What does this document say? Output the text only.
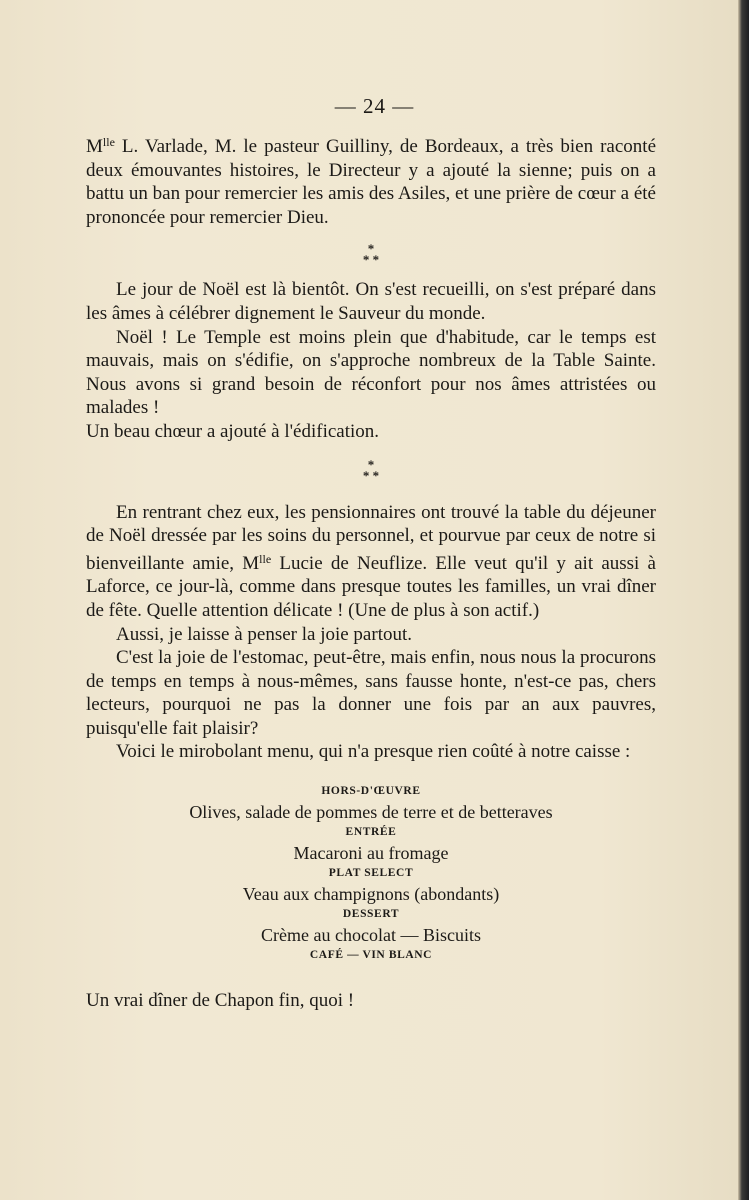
— 24 —

$M^{lle}$ L. Varlade, M. le pasteur Guilliny, de Bordeaux, a très bien raconté deux émouvantes histoires, le Directeur y a ajouté la sienne; puis on a battu un ban pour remercier les amis des Asiles, et une prière de cœur a été prononcée pour remercier Dieu.

*
* *

Le jour de Noël est là bientôt. On s'est recueilli, on s'est préparé dans les âmes à célébrer dignement le Sauveur du monde.

Noël ! Le Temple est moins plein que d'habitude, car le temps est mauvais, mais on s'édifie, on s'approche nombreux de la Table Sainte. Nous avons si grand besoin de réconfort pour nos âmes attristées ou malades !

Un beau chœur a ajouté à l'édification.

*
* *

En rentrant chez eux, les pensionnaires ont trouvé la table du déjeuner de Noël dressée par les soins du personnel, et pourvue par ceux de notre si bienveillante amie, $M^{lle}$ Lucie de Neuflize. Elle veut qu'il y ait aussi à Laforce, ce jour-là, comme dans presque toutes les familles, un vrai dîner de fête. Quelle attention délicate ! (Une de plus à son actif.)

Aussi, je laisse à penser la joie partout.

C'est la joie de l'estomac, peut-être, mais enfin, nous nous la procurons de temps en temps à nous-mêmes, sans fausse honte, n'est-ce pas, chers lecteurs, pourquoi ne pas la donner une fois par an aux pauvres, puisqu'elle fait plaisir?

Voici le mirobolant menu, qui n'a presque rien coûté à notre caisse :

HORS-D'ŒUVRE
Olives, salade de pommes de terre et de betteraves
ENTRÉE
Macaroni au fromage
PLAT SELECT
Veau aux champignons (abondants)
DESSERT
Crème au chocolat — Biscuits
CAFÉ — VIN BLANC

Un vrai dîner de Chapon fin, quoi !
